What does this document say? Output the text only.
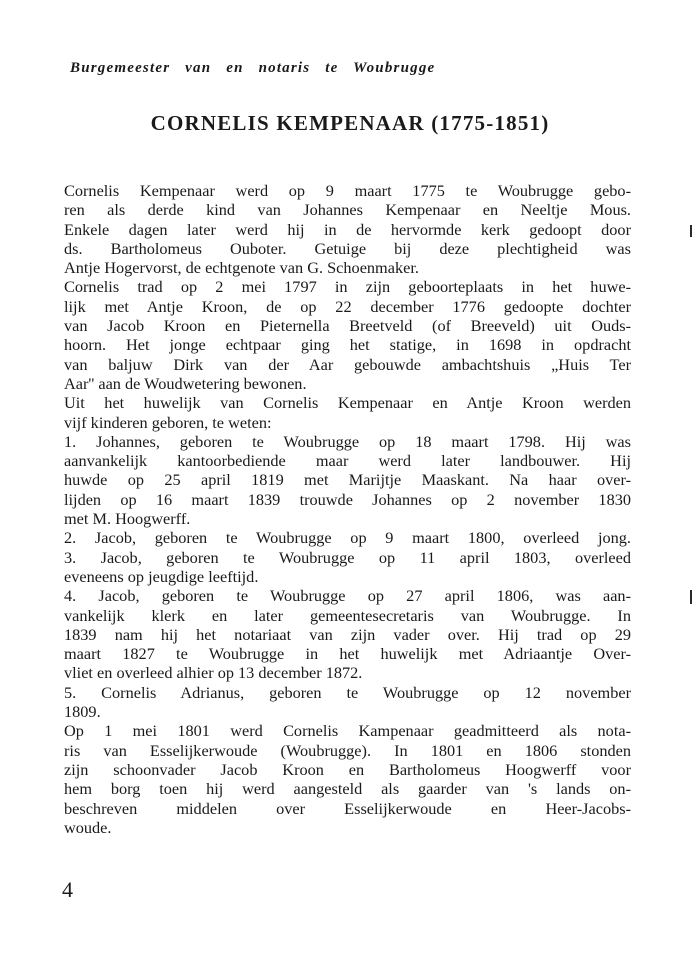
Burgemeester van en notaris te Woubrugge
CORNELIS KEMPENAAR (1775-1851)
Cornelis Kempenaar werd op 9 maart 1775 te Woubrugge gebo-
ren als derde kind van Johannes Kempenaar en Neeltje Mous.
Enkele dagen later werd hij in de hervormde kerk gedoopt door
ds. Bartholomeus Ouboter. Getuige bij deze plechtigheid was
Antje Hogervorst, de echtgenote van G. Schoenmaker.
Cornelis trad op 2 mei 1797 in zijn geboorteplaats in het huwe-
lijk met Antje Kroon, de op 22 december 1776 gedoopte dochter
van Jacob Kroon en Pieternella Breetveld (of Breeveld) uit Ouds-
hoorn. Het jonge echtpaar ging het statige, in 1698 in opdracht
van baljuw Dirk van der Aar gebouwde ambachtshuis „Huis Ter
Aar'' aan de Woudwetering bewonen.
Uit het huwelijk van Cornelis Kempenaar en Antje Kroon werden
vijf kinderen geboren, te weten:
1. Johannes, geboren te Woubrugge op 18 maart 1798. Hij was
aanvankelijk kantoorbediende maar werd later landbouwer. Hij
huwde op 25 april 1819 met Marijtje Maaskant. Na haar over-
lijden op 16 maart 1839 trouwde Johannes op 2 november 1830
met M. Hoogwerff.
2. Jacob, geboren te Woubrugge op 9 maart 1800, overleed jong.
3. Jacob, geboren te Woubrugge op 11 april 1803, overleed
eveneens op jeugdige leeftijd.
4. Jacob, geboren te Woubrugge op 27 april 1806, was aan-
vankelijk klerk en later gemeentesecretaris van Woubrugge. In
1839 nam hij het notariaat van zijn vader over. Hij trad op 29
maart 1827 te Woubrugge in het huwelijk met Adriaantje Over-
vliet en overleed alhier op 13 december 1872.
5. Cornelis Adrianus, geboren te Woubrugge op 12 november
1809.
Op 1 mei 1801 werd Cornelis Kampenaar geadmitteerd als nota-
ris van Esselijkerwoude (Woubrugge). In 1801 en 1806 stonden
zijn schoonvader Jacob Kroon en Bartholomeus Hoogwerff voor
hem borg toen hij werd aangesteld als gaarder van 's lands on-
beschreven middelen over Esselijkerwoude en Heer-Jacobs-
woude.
4
